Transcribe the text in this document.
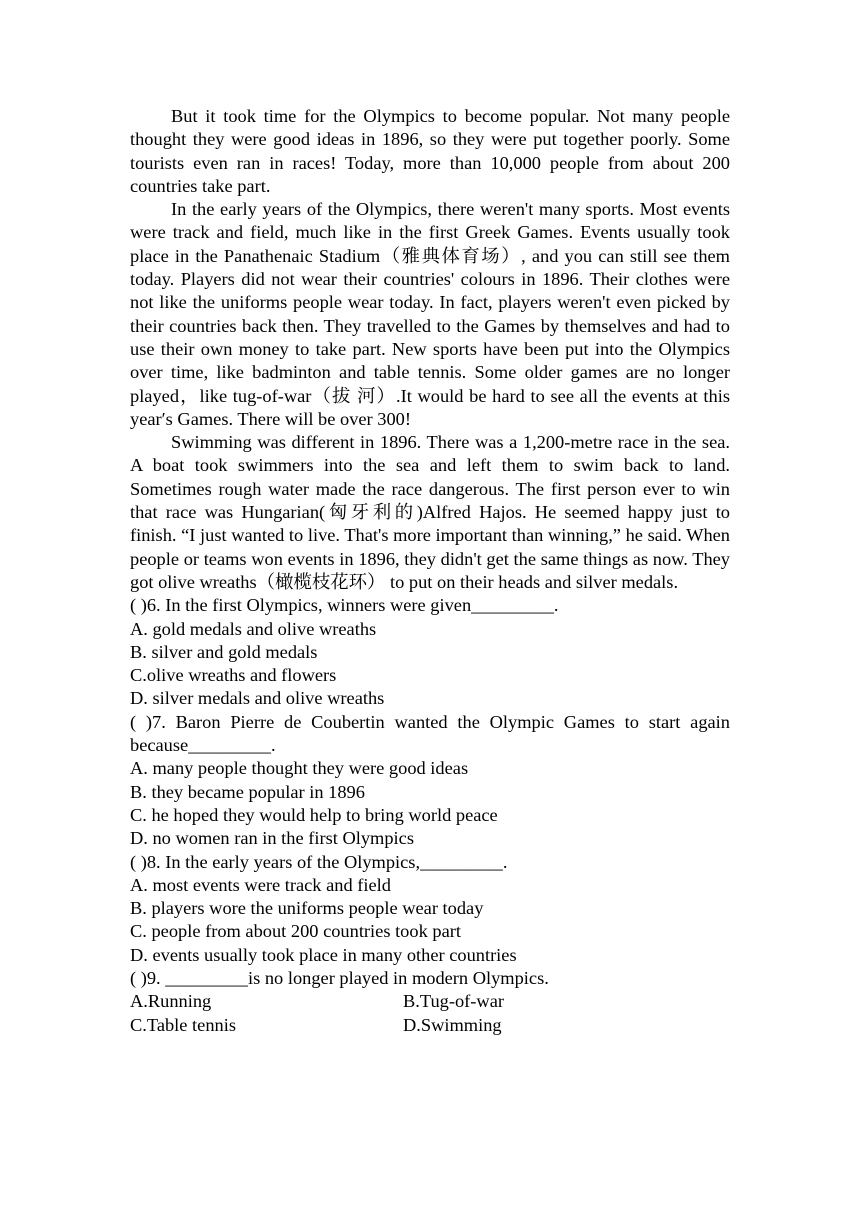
But it took time for the Olympics to become popular. Not many people thought they were good ideas in 1896, so they were put together poorly. Some tourists even ran in races! Today, more than 10,000 people from about 200 countries take part.

In the early years of the Olympics, there weren't many sports. Most events were track and field, much like in the first Greek Games. Events usually took place in the Panathenaic Stadium（雅典体育场）, and you can still see them today. Players did not wear their countries' colours in 1896. Their clothes were not like the uniforms people wear today. In fact, players weren't even picked by their countries back then. They travelled to the Games by themselves and had to use their own money to take part. New sports have been put into the Olympics over time, like badminton and table tennis. Some older games are no longer played，like tug-of-war（拔 河）.It would be hard to see all the events at this year′s Games. There will be over 300!

Swimming was different in 1896. There was a 1,200-metre race in the sea. A boat took swimmers into the sea and left them to swim back to land. Sometimes rough water made the race dangerous. The first person ever to win that race was Hungarian(匈牙利的)Alfred Hajos. He seemed happy just to finish. “I just wanted to live. That's more important than winning,” he said. When people or teams won events in 1896, they didn't get the same things as now. They got olive wreaths（橄榄枝花环） to put on their heads and silver medals.

( )6. In the first Olympics, winners were given_________.

A. gold medals and olive wreaths

B. silver and gold medals

C.olive wreaths and flowers

D. silver medals and olive wreaths

( )7. Baron Pierre de Coubertin wanted the Olympic Games to start again because_________.

A. many people thought they were good ideas

B. they became popular in 1896

C. he hoped they would help to bring world peace

D. no women ran in the first Olympics

( )8. In the early years of the Olympics,_________.

A. most events were track and field

B. players wore the uniforms people wear today

C. people from about 200 countries took part

D. events usually took place in many other countries

( )9. _________is no longer played in modern Olympics.

A.Running	B.Tug-of-war
C.Table tennis	D.Swimming
